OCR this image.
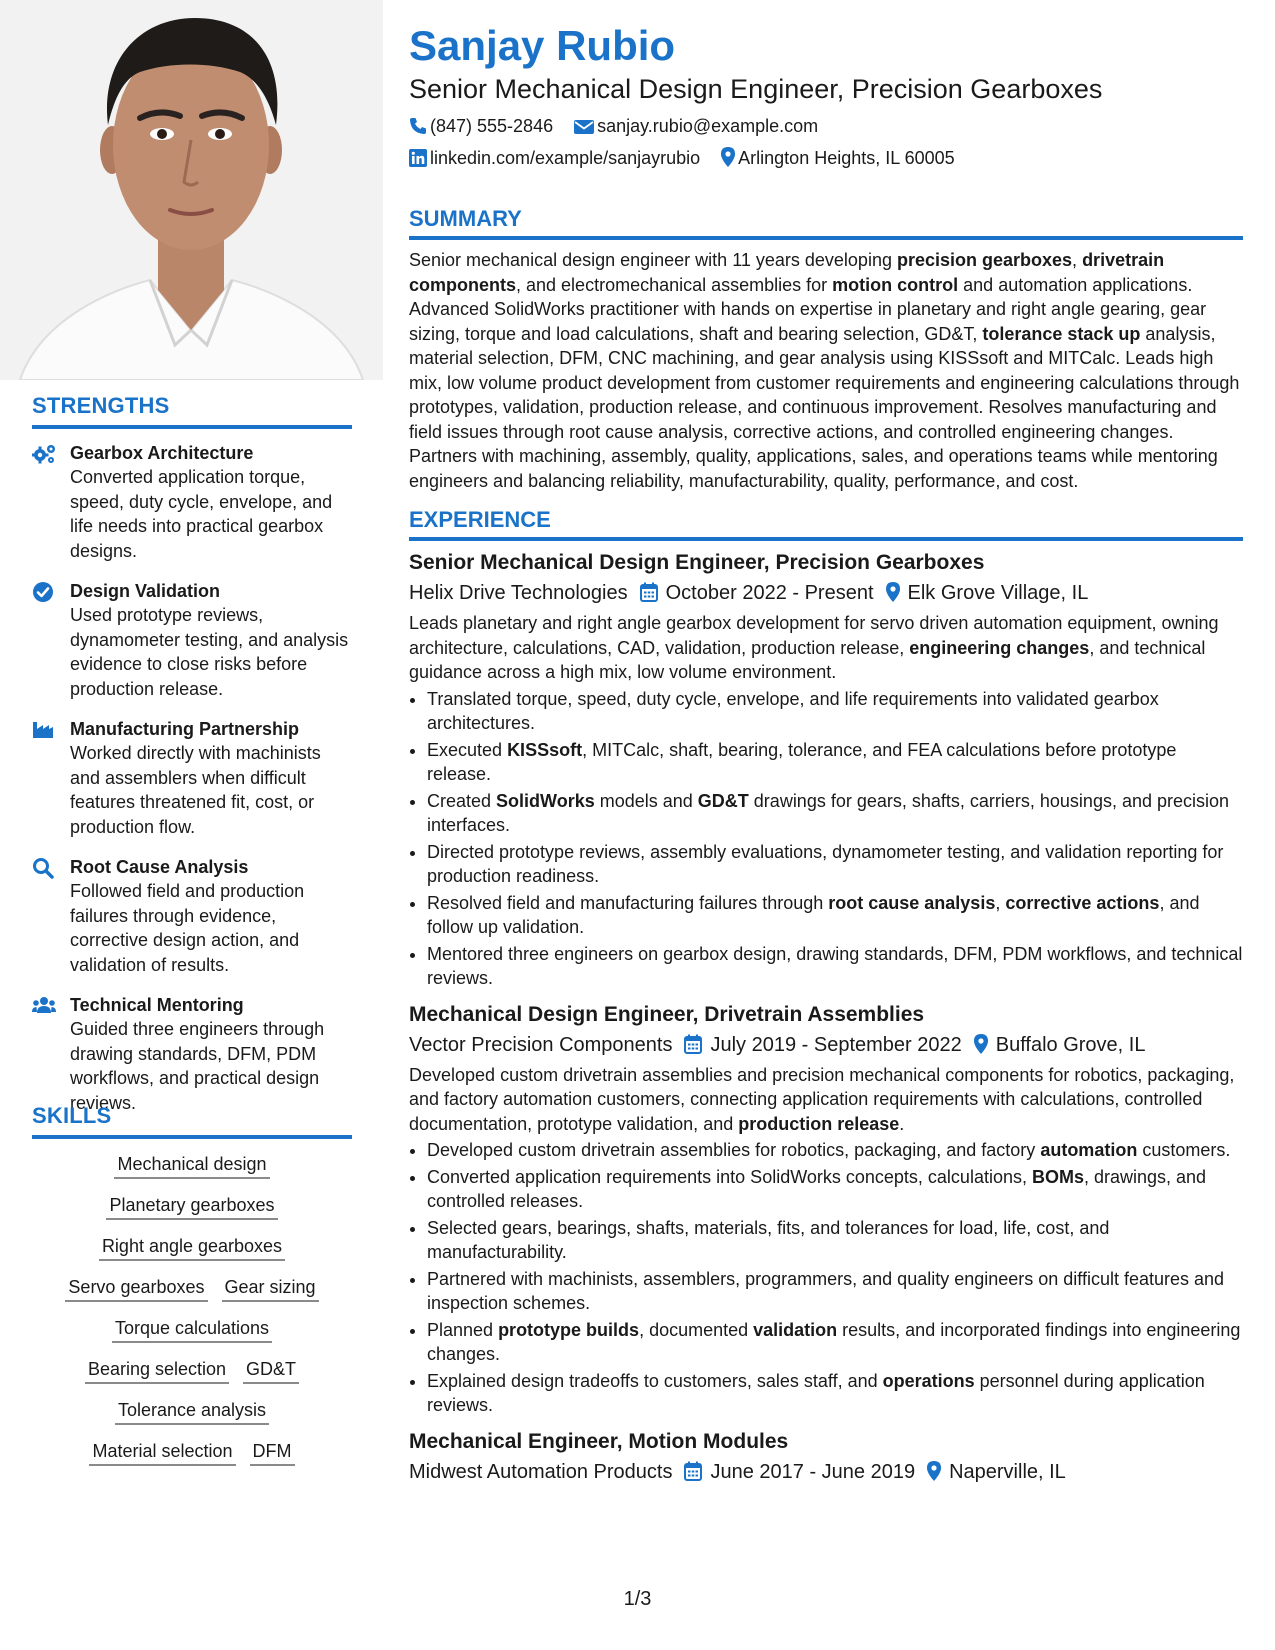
STRENGTHS
Gearbox Architecture
Converted application torque, speed, duty cycle, envelope, and life needs into practical gearbox designs.
Design Validation
Used prototype reviews, dynamometer testing, and analysis evidence to close risks before production release.
Manufacturing Partnership
Worked directly with machinists and assemblers when difficult features threatened fit, cost, or production flow.
Root Cause Analysis
Followed field and production failures through evidence, corrective design action, and validation of results.
Technical Mentoring
Guided three engineers through drawing standards, DFM, PDM workflows, and practical design reviews.
SKILLS
Mechanical design
Planetary gearboxes
Right angle gearboxes
Servo gearboxes Gear sizing
Torque calculations
Bearing selection GD&T
Tolerance analysis
Material selection DFM
Sanjay Rubio
Senior Mechanical Design Engineer, Precision Gearboxes
(847) 555-2846 sanjay.rubio@example.com
linkedin.com/example/sanjayrubio Arlington Heights, IL 60005
SUMMARY
Senior mechanical design engineer with 11 years developing precision gearboxes, drivetrain components, and electromechanical assemblies for motion control and automation applications. Advanced SolidWorks practitioner with hands on expertise in planetary and right angle gearing, gear sizing, torque and load calculations, shaft and bearing selection, GD&T, tolerance stack up analysis, material selection, DFM, CNC machining, and gear analysis using KISSsoft and MITCalc. Leads high mix, low volume product development from customer requirements and engineering calculations through prototypes, validation, production release, and continuous improvement. Resolves manufacturing and field issues through root cause analysis, corrective actions, and controlled engineering changes. Partners with machining, assembly, quality, applications, sales, and operations teams while mentoring engineers and balancing reliability, manufacturability, quality, performance, and cost.
EXPERIENCE
Senior Mechanical Design Engineer, Precision Gearboxes
Helix Drive Technologies October 2022 - Present Elk Grove Village, IL
Leads planetary and right angle gearbox development for servo driven automation equipment, owning architecture, calculations, CAD, validation, production release, engineering changes, and technical guidance across a high mix, low volume environment.
• Translated torque, speed, duty cycle, envelope, and life requirements into validated gearbox architectures.
• Executed KISSsoft, MITCalc, shaft, bearing, tolerance, and FEA calculations before prototype release.
• Created SolidWorks models and GD&T drawings for gears, shafts, carriers, housings, and precision interfaces.
• Directed prototype reviews, assembly evaluations, dynamometer testing, and validation reporting for production readiness.
• Resolved field and manufacturing failures through root cause analysis, corrective actions, and follow up validation.
• Mentored three engineers on gearbox design, drawing standards, DFM, PDM workflows, and technical reviews.
Mechanical Design Engineer, Drivetrain Assemblies
Vector Precision Components July 2019 - September 2022 Buffalo Grove, IL
Developed custom drivetrain assemblies and precision mechanical components for robotics, packaging, and factory automation customers, connecting application requirements with calculations, controlled documentation, prototype validation, and production release.
• Developed custom drivetrain assemblies for robotics, packaging, and factory automation customers.
• Converted application requirements into SolidWorks concepts, calculations, BOMs, drawings, and controlled releases.
• Selected gears, bearings, shafts, materials, fits, and tolerances for load, life, cost, and manufacturability.
• Partnered with machinists, assemblers, programmers, and quality engineers on difficult features and inspection schemes.
• Planned prototype builds, documented validation results, and incorporated findings into engineering changes.
• Explained design tradeoffs to customers, sales staff, and operations personnel during application reviews.
Mechanical Engineer, Motion Modules
Midwest Automation Products June 2017 - June 2019 Naperville, IL
1/3
